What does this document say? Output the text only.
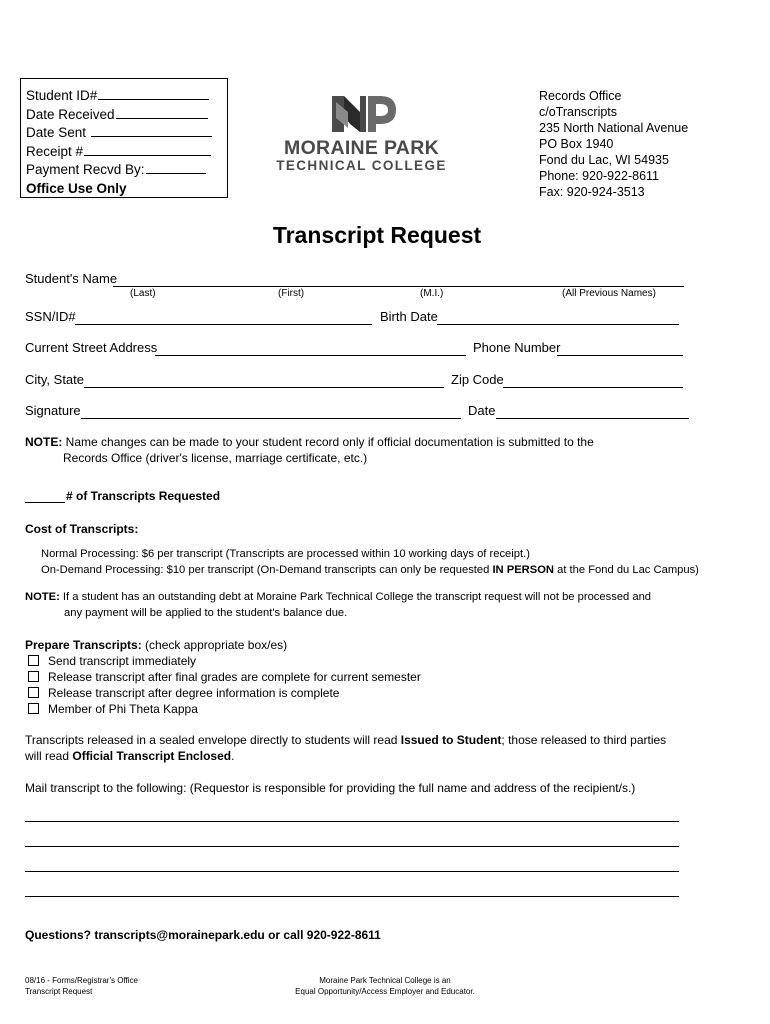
Student ID#
Date Received
Date Sent
Receipt #
Payment Recvd By:
Office Use Only
MORAINE PARK
TECHNICAL COLLEGE
Records Office
c/oTranscripts
235 North National Avenue
PO Box 1940
Fond du Lac, WI 54935
Phone: 920-922-8611
Fax: 920-924-3513
Transcript Request
Student's Name
(Last)	(First)	(M.I.)	(All Previous Names)
SSN/ID#	Birth Date
Current Street Address	Phone Number
City, State	Zip Code
Signature	Date
NOTE: Name changes can be made to your student record only if official documentation is submitted to the
Records Office (driver's license, marriage certificate, etc.)
# of Transcripts Requested
Cost of Transcripts:
Normal Processing: $6 per transcript (Transcripts are processed within 10 working days of receipt.)
On-Demand Processing: $10 per transcript (On-Demand transcripts can only be requested IN PERSON at the Fond du Lac Campus)
NOTE: If a student has an outstanding debt at Moraine Park Technical College the transcript request will not be processed and
any payment will be applied to the student's balance due.
Prepare Transcripts: (check appropriate box/es)
Send transcript immediately
Release transcript after final grades are complete for current semester
Release transcript after degree information is complete
Member of Phi Theta Kappa
Transcripts released in a sealed envelope directly to students will read Issued to Student; those released to third parties
will read Official Transcript Enclosed.
Mail transcript to the following: (Requestor is responsible for providing the full name and address of the recipient/s.)
Questions? transcripts@morainepark.edu or call 920-922-8611
08/16 - Forms/Registrar's Office
Transcript Request
Moraine Park Technical College is an
Equal Opportunity/Access Employer and Educator.
